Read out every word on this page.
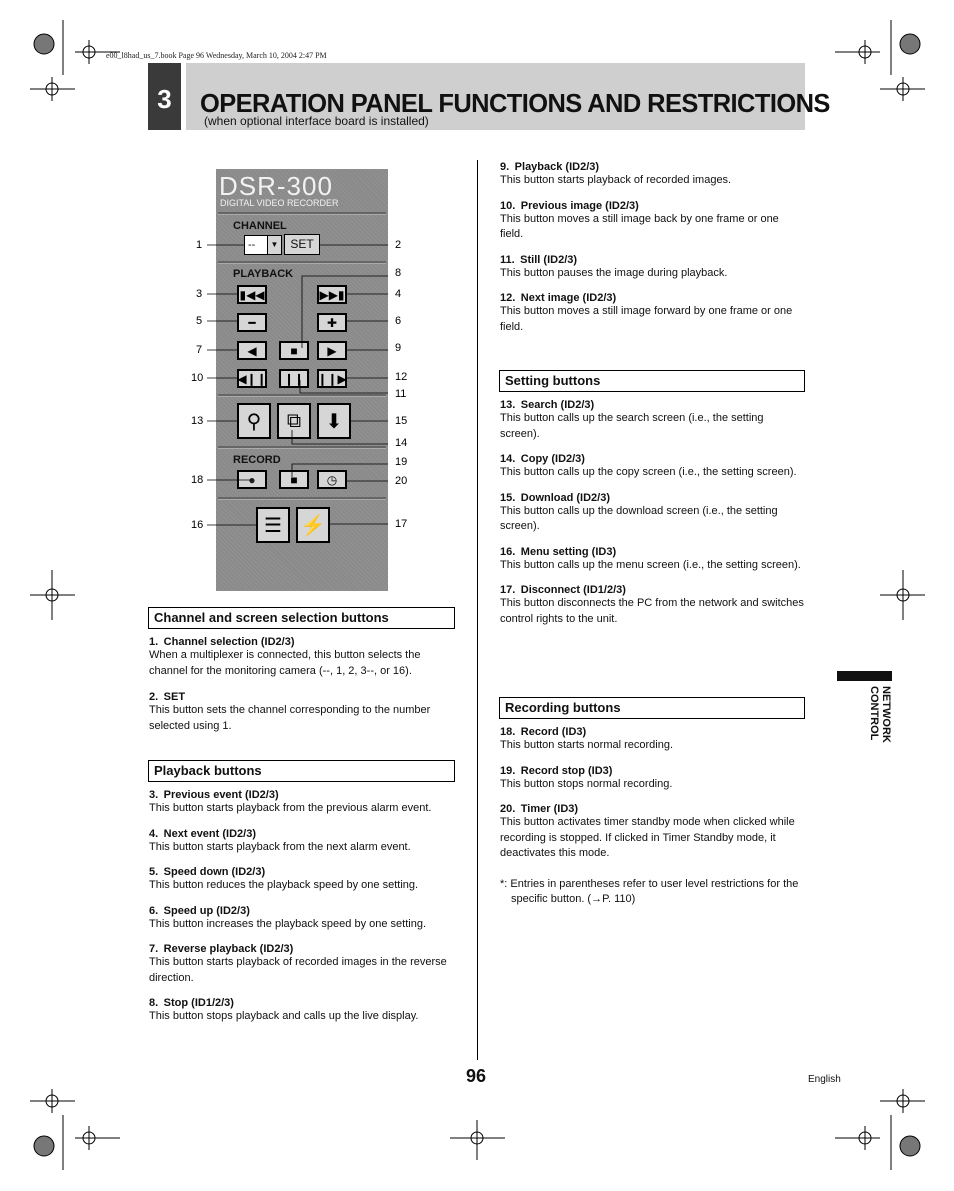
e00_l8had_us_7.book Page 96 Wednesday, March 10, 2004 2:47 PM
3	OPERATION PANEL FUNCTIONS AND RESTRICTIONS
(when optional interface board is installed)
DSR-300
DIGITAL VIDEO RECORDER
CHANNEL
--	▼ SET
PLAYBACK
▮◀◀	▶▶▮
━	✚
◀	■ ▶
◀❙❙ ❙❙ ❙❙▶
⚲ ⧉ ⬇
RECORD
●	■ ◷
☰ ⚡
1	2
3	4
5	6
7
8
9
10
11
12
13
14
15
16	17
18
19
20
Channel and screen selection buttons
1. Channel selection (ID2/3)
When a multiplexer is connected, this button selects the channel for the monitoring camera (--, 1, 2, 3--, or 16).
2. SET
This button sets the channel corresponding to the number selected using 1.
Playback buttons
3. Previous event (ID2/3)
This button starts playback from the previous alarm event.
4. Next event (ID2/3)
This button starts playback from the next alarm event.
5. Speed down (ID2/3)
This button reduces the playback speed by one setting.
6. Speed up (ID2/3)
This button increases the playback speed by one setting.
7. Reverse playback (ID2/3)
This button starts playback of recorded images in the reverse direction.
8. Stop (ID1/2/3)
This button stops playback and calls up the live display.
9. Playback (ID2/3)
This button starts playback of recorded images.
10. Previous image (ID2/3)
This button moves a still image back by one frame or one field.
11. Still (ID2/3)
This button pauses the image during playback.
12. Next image (ID2/3)
This button moves a still image forward by one frame or one field.
Setting buttons
13. Search (ID2/3)
This button calls up the search screen (i.e., the setting screen).
14. Copy (ID2/3)
This button calls up the copy screen (i.e., the setting screen).
15. Download (ID2/3)
This button calls up the download screen (i.e., the setting screen).
16. Menu setting (ID3)
This button calls up the menu screen (i.e., the setting screen).
17. Disconnect (ID1/2/3)
This button disconnects the PC from the network and switches control rights to the unit.
Recording buttons
18. Record (ID3)
This button starts normal recording.
19. Record stop (ID3)
This button stops normal recording.
20. Timer (ID3)
This button activates timer standby mode when clicked while recording is stopped. If clicked in Timer Standby mode, it deactivates this mode.
*: Entries in parentheses refer to user level restrictions for the specific button. (→P. 110)
NETWORK
CONTROL
96	English
